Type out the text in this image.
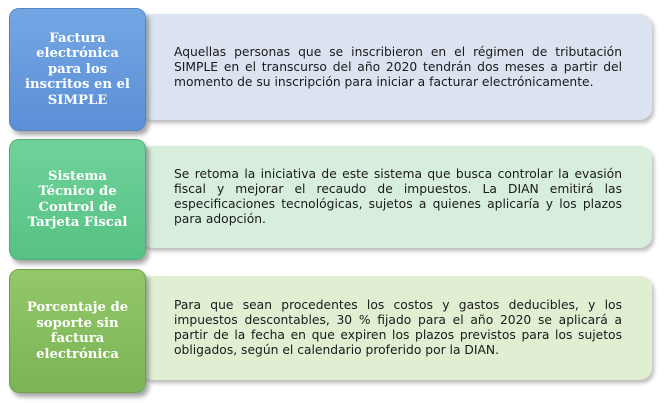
Aquellas personas que se inscribieron en el régimen de tributación SIMPLE en el transcurso del año 2020 tendrán dos meses a partir del momento de su inscripción para iniciar a facturar electrónicamente.

Factura electrónica para los inscritos en el SIMPLE

Se retoma la iniciativa de este sistema que busca controlar la evasión fiscal y mejorar el recaudo de impuestos. La DIAN emitirá las especificaciones tecnológicas, sujetos a quienes aplicaría y los plazos para adopción.

Sistema Técnico de Control de Tarjeta Fiscal

Para que sean procedentes los costos y gastos deducibles, y los impuestos descontables, 30 % fijado para el año 2020 se aplicará a partir de la fecha en que expiren los plazos previstos para los sujetos obligados, según el calendario proferido por la DIAN.

Porcentaje de soporte sin factura electrónica
